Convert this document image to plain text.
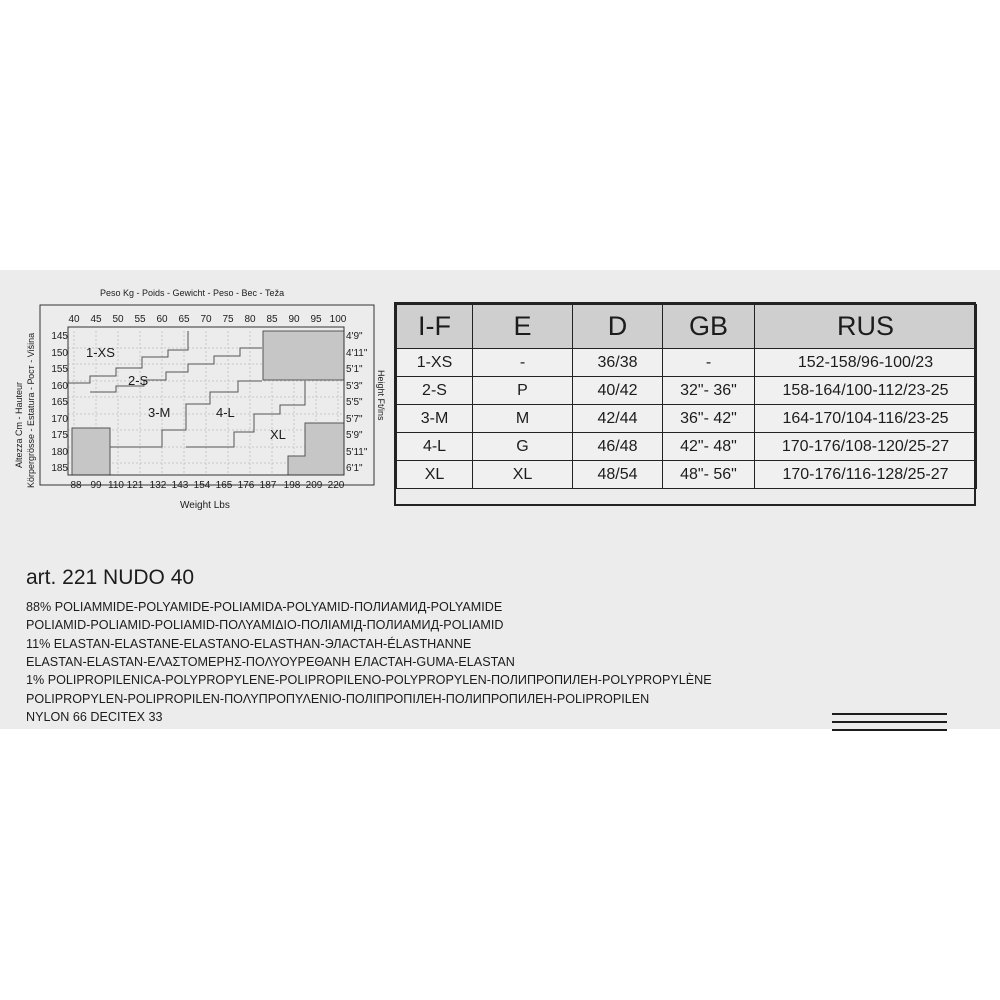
Peso Kg - Poids - Gewicht - Peso - Вес - Teža
40	45	50	55	60	65	70	75	80	85	90	95 100
145
150
155
160
165
170
175
180
185
4'9"
4'11"
5'1"
5'3"
5'5"
5'7"
5'9"
5'11"
6'1"
Altezza Cm - Hauteur Körpergrösse - Estatura - Рост - Višina	Height Ft/ins
1-XS
2-S
3-M	4-L
XL
88 99 110 121 132 143 154 165 176 187 198 209 220
Weight Lbs
I-F	E	D	GB	RUS
1-XS	-	36/38	-	152-158/96-100/23
2-S	P	40/42	32"- 36"	158-164/100-112/23-25
3-M	M	42/44	36"- 42"	164-170/104-116/23-25
4-L	G	46/48	42"- 48"	170-176/108-120/25-27
XL	XL	48/54	48"- 56"	170-176/116-128/25-27
art. 221 NUDO 40
88% POLIAMMIDE-POLYAMIDE-POLIAMIDA-POLYAMID-ПОЛИАМИД-POLYAMIDE
POLIAMID-POLIAMID-POLIAMID-ΠΟΛΥΑΜΙΔΙΟ-ПОЛІАМІД-ПОЛИАМИД-POLIAMID
11% ELASTAN-ELASTANE-ELASTANO-ELASTHAN-ЭЛАСТАН-ÉLASTHANNE
ELASTAN-ELASTAN-ΕΛΑΣΤΟΜΕΡΗΣ-ΠΟΛΥΟΥΡΕΘΑΝΗ ЕЛАСТАН-GUMA-ELASTAN
1% POLIPROPILENICA-POLYPROPYLENE-POLIPROPILENO-POLYPROPYLEN-ПОЛИПРОПИЛЕН-POLYPROPYLÈNE
POLIPROPYLEN-POLIPROPILEN-ΠΟΛΥΠΡΟΠΥΛΕΝΙΟ-ПОЛІПРОПІЛЕН-ПОЛИПРОПИЛЕН-POLIPROPILEN
NYLON 66 DECITEX 33
